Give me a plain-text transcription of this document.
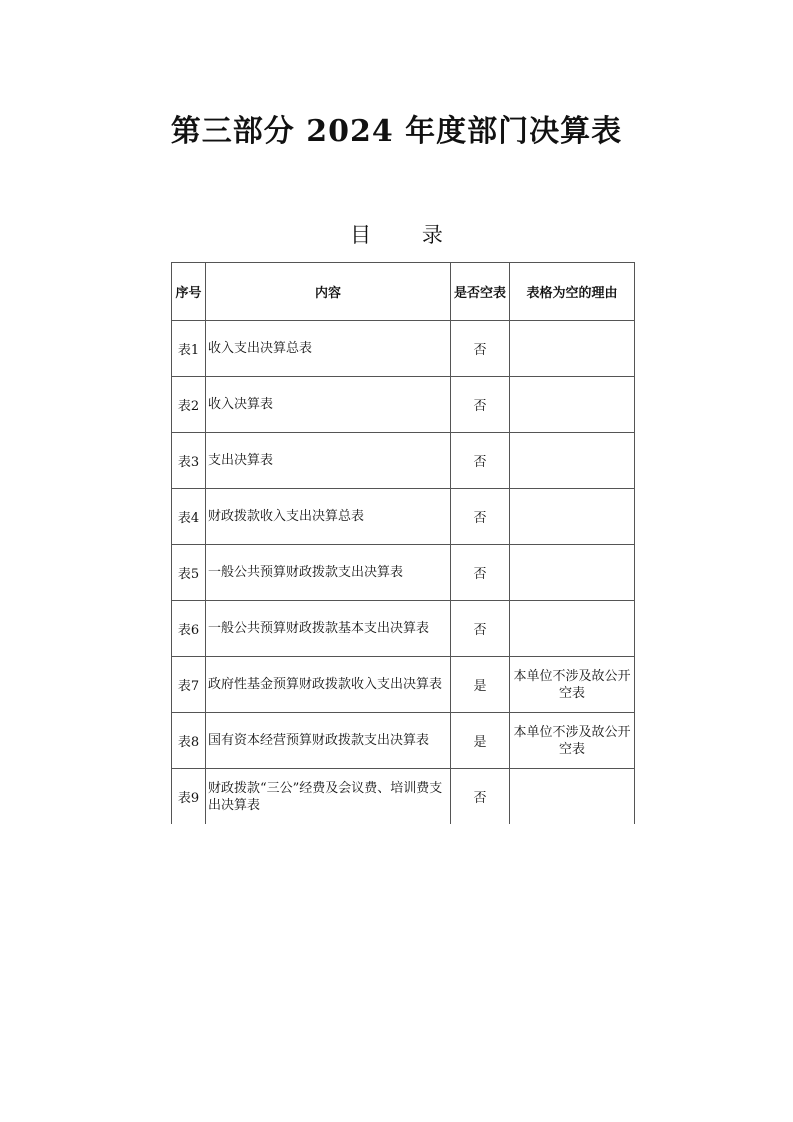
第三部分 2024 年度部门决算表
目 录
序号	内容	是否空表	表格为空的理由
表1	收入支出决算总表	否	
表2	收入决算表	否	
表3	支出决算表	否	
表4	财政拨款收入支出决算总表	否	
表5	一般公共预算财政拨款支出决算表	否	
表6	一般公共预算财政拨款基本支出决算表	否	
表7	政府性基金预算财政拨款收入支出决算表	是	本单位不涉及故公开空表
表8	国有资本经营预算财政拨款支出决算表	是	本单位不涉及故公开空表
表9	财政拨款“三公”经费及会议费、培训费支出决算表	否	
